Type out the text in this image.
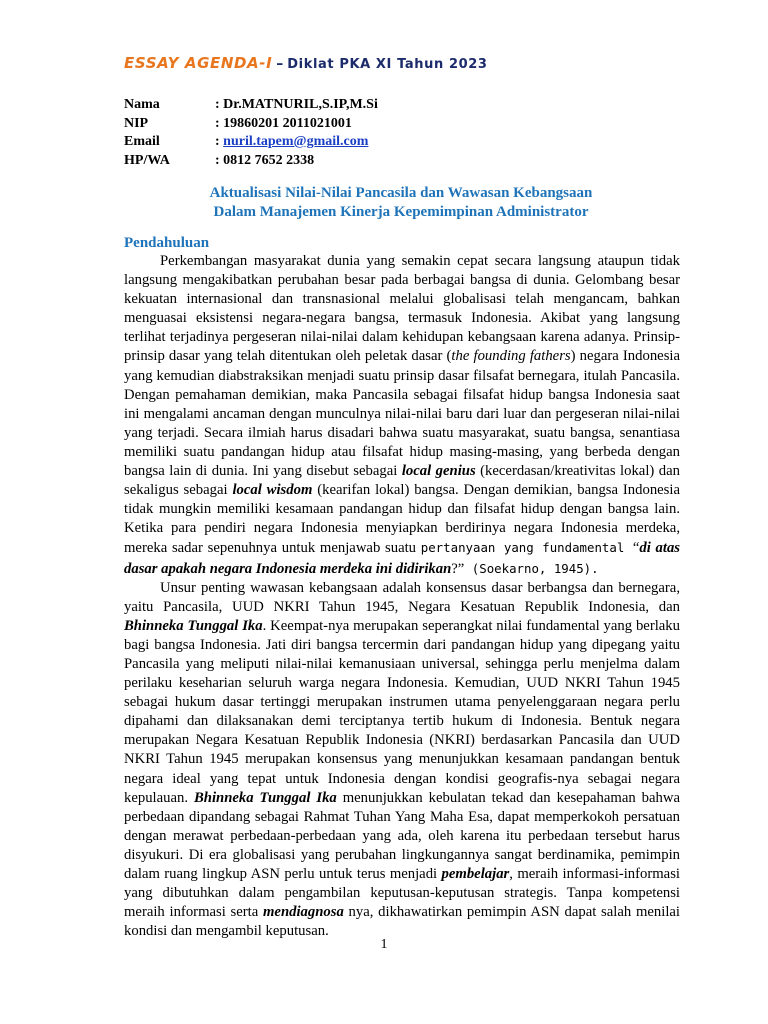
ESSAY AGENDA-I – Diklat PKA XI Tahun 2023
Nama	: Dr.MATNURIL,S.IP,M.Si
NIP	: 19860201 2011021001
Email	: nuril.tapem@gmail.com
HP/WA	: 0812 7652 2338
Aktualisasi Nilai-Nilai Pancasila dan Wawasan Kebangsaan
Dalam Manajemen Kinerja Kepemimpinan Administrator
Pendahuluan

Perkembangan masyarakat dunia yang semakin cepat secara langsung ataupun tidak langsung mengakibatkan perubahan besar pada berbagai bangsa di dunia. Gelombang besar kekuatan internasional dan transnasional melalui globalisasi telah mengancam, bahkan menguasai eksistensi negara-negara bangsa, termasuk Indonesia. Akibat yang langsung terlihat terjadinya pergeseran nilai-nilai dalam kehidupan kebangsaan karena adanya. Prinsip-prinsip dasar yang telah ditentukan oleh peletak dasar (the founding fathers) negara Indonesia yang kemudian diabstraksikan menjadi suatu prinsip dasar filsafat bernegara, itulah Pancasila. Dengan pemahaman demikian, maka Pancasila sebagai filsafat hidup bangsa Indonesia saat ini mengalami ancaman dengan munculnya nilai-nilai baru dari luar dan pergeseran nilai-nilai yang terjadi. Secara ilmiah harus disadari bahwa suatu masyarakat, suatu bangsa, senantiasa memiliki suatu pandangan hidup atau filsafat hidup masing-masing, yang berbeda dengan bangsa lain di dunia. Ini yang disebut sebagai local genius (kecerdasan/kreativitas lokal) dan sekaligus sebagai local wisdom (kearifan lokal) bangsa. Dengan demikian, bangsa Indonesia tidak mungkin memiliki kesamaan pandangan hidup dan filsafat hidup dengan bangsa lain. Ketika para pendiri negara Indonesia menyiapkan berdirinya negara Indonesia merdeka, mereka sadar sepenuhnya untuk menjawab suatu pertanyaan yang fundamental “di atas dasar apakah negara Indonesia merdeka ini didirikan?” (Soekarno, 1945).

Unsur penting wawasan kebangsaan adalah konsensus dasar berbangsa dan bernegara, yaitu Pancasila, UUD NKRI Tahun 1945, Negara Kesatuan Republik Indonesia, dan Bhinneka Tunggal Ika. Keempat-nya merupakan seperangkat nilai fundamental yang berlaku bagi bangsa Indonesia. Jati diri bangsa tercermin dari pandangan hidup yang dipegang yaitu Pancasila yang meliputi nilai-nilai kemanusiaan universal, sehingga perlu menjelma dalam perilaku keseharian seluruh warga negara Indonesia. Kemudian, UUD NKRI Tahun 1945 sebagai hukum dasar tertinggi merupakan instrumen utama penyelenggaraan negara perlu dipahami dan dilaksanakan demi terciptanya tertib hukum di Indonesia. Bentuk negara merupakan Negara Kesatuan Republik Indonesia (NKRI) berdasarkan Pancasila dan UUD NKRI Tahun 1945 merupakan konsensus yang menunjukkan kesamaan pandangan bentuk negara ideal yang tepat untuk Indonesia dengan kondisi geografis-nya sebagai negara kepulauan. Bhinneka Tunggal Ika menunjukkan kebulatan tekad dan kesepahaman bahwa perbedaan dipandang sebagai Rahmat Tuhan Yang Maha Esa, dapat memperkokoh persatuan dengan merawat perbedaan-perbedaan yang ada, oleh karena itu perbedaan tersebut harus disyukuri. Di era globalisasi yang perubahan lingkungannya sangat berdinamika, pemimpin dalam ruang lingkup ASN perlu untuk terus menjadi pembelajar, meraih informasi-informasi yang dibutuhkan dalam pengambilan keputusan-keputusan strategis. Tanpa kompetensi meraih informasi serta mendiagnosa nya, dikhawatirkan pemimpin ASN dapat salah menilai kondisi dan mengambil keputusan.

1
